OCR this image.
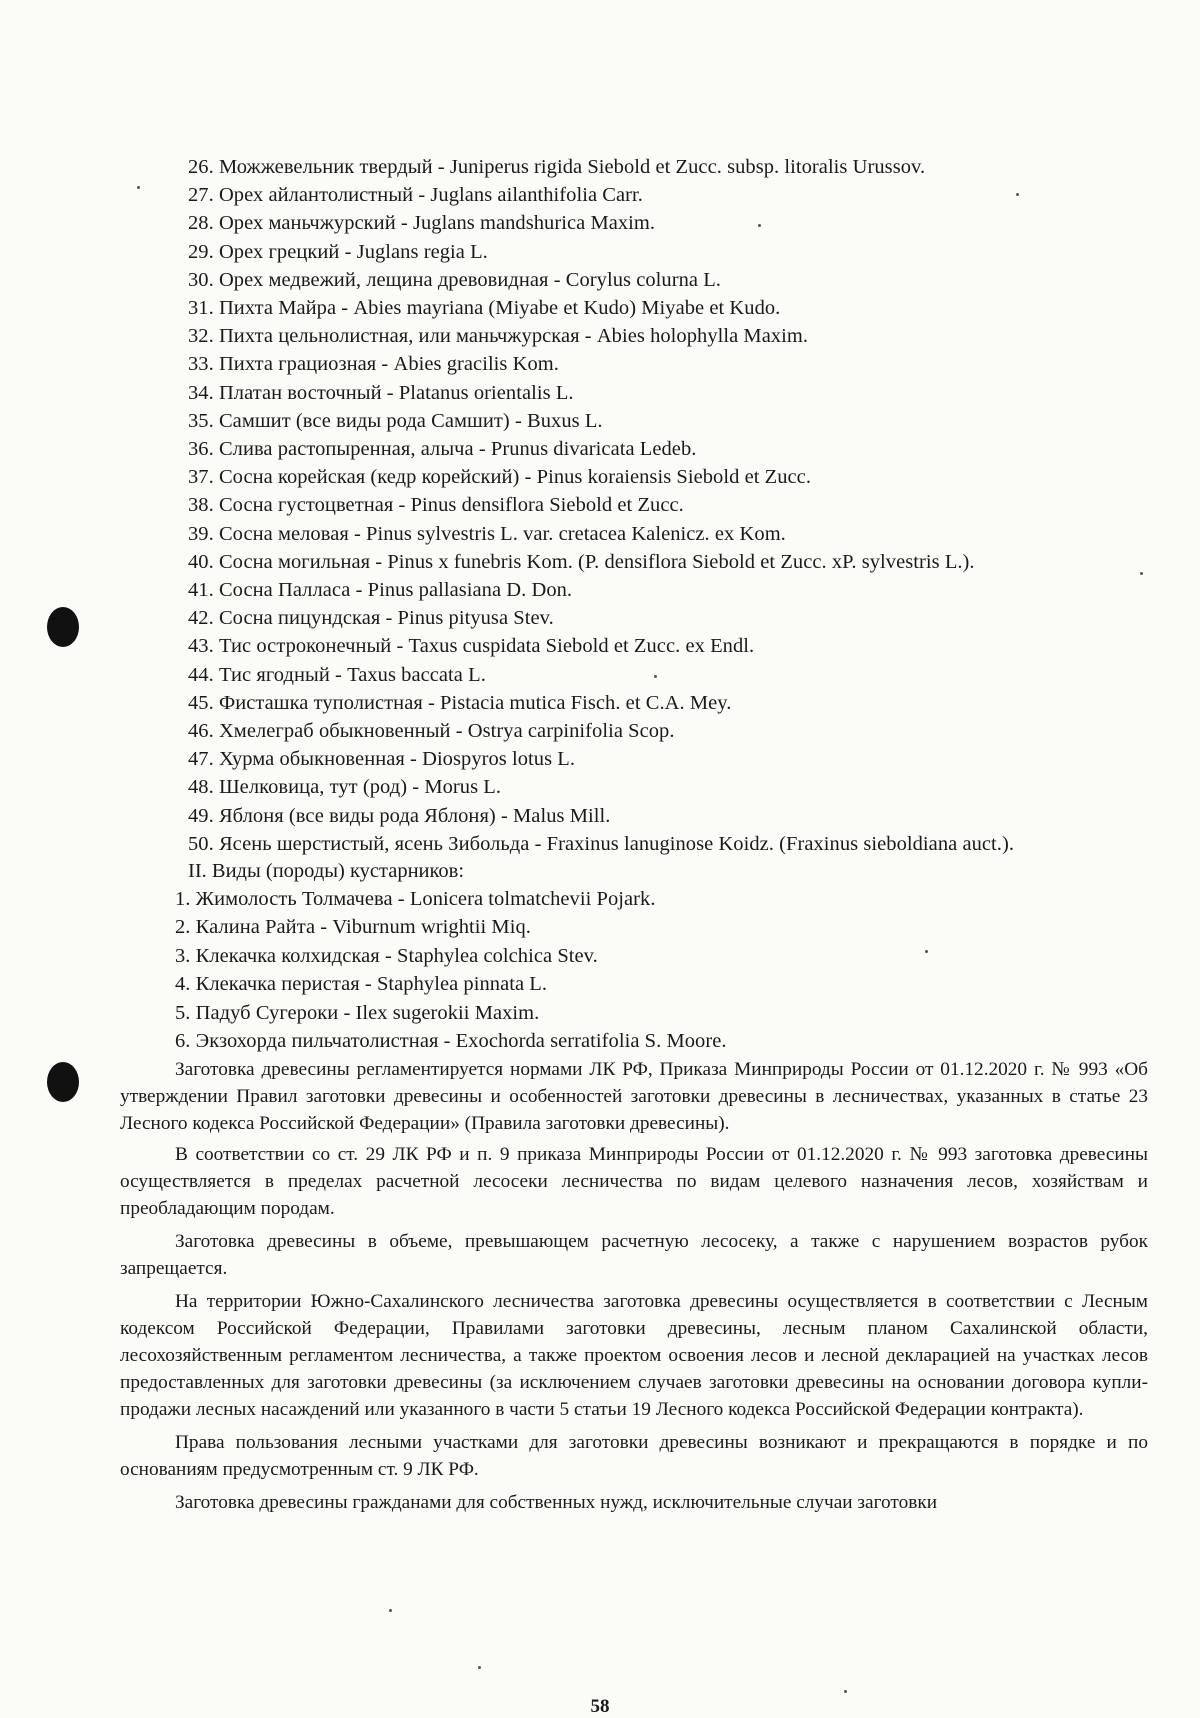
26. Можжевельник твердый - Juniperus rigida Siebold et Zucc. subsp. litoralis Urussov.
27. Орех айлантолистный - Juglans ailanthifolia Carr.
28. Орех маньчжурский - Juglans mandshurica Maxim.
29. Орех грецкий - Juglans regia L.
30. Орех медвежий, лещина древовидная - Corylus colurna L.
31. Пихта Майра - Abies mayriana (Miyabe et Kudo) Miyabe et Kudo.
32. Пихта цельнолистная, или маньчжурская - Abies holophylla Maxim.
33. Пихта грациозная - Abies gracilis Kom.
34. Платан восточный - Platanus orientalis L.
35. Самшит (все виды рода Самшит) - Buxus L.
36. Слива растопыренная, алыча - Prunus divaricata Ledeb.
37. Сосна корейская (кедр корейский) - Pinus koraiensis Siebold et Zucc.
38. Сосна густоцветная - Pinus densiflora Siebold et Zucc.
39. Сосна меловая - Pinus sylvestris L. var. cretacea Kalenicz. ex Kom.
40. Сосна могильная - Pinus x funebris Kom. (P. densiflora Siebold et Zucc. xP. sylvestris L.).
41. Сосна Палласа - Pinus pallasiana D. Don.
42. Сосна пицундская - Pinus pityusa Stev.
43. Тис остроконечный - Taxus cuspidata Siebold et Zucc. ex Endl.
44. Тис ягодный - Taxus baccata L.
45. Фисташка туполистная - Pistacia mutica Fisch. et C.A. Mey.
46. Хмелеграб обыкновенный - Ostrya carpinifolia Scop.
47. Хурма обыкновенная - Diospyros lotus L.
48. Шелковица, тут (род) - Morus L.
49. Яблоня (все виды рода Яблоня) - Malus Mill.
50. Ясень шерстистый, ясень Зибольда - Fraxinus lanuginose Koidz. (Fraxinus sieboldiana auct.).
II. Виды (породы) кустарников:
1. Жимолость Толмачева - Lonicera tolmatchevii Pojark.
2. Калина Райта - Viburnum wrightii Miq.
3. Клекачка колхидская - Staphylea colchica Stev.
4. Клекачка перистая - Staphylea pinnata L.
5. Падуб Сугероки - Ilex sugerokii Maxim.
6. Экзохорда пильчатолистная - Exochorda serratifolia S. Moore.

Заготовка древесины регламентируется нормами ЛК РФ, Приказа Минприроды России от 01.12.2020 г. № 993 «Об утверждении Правил заготовки древесины и особенностей заготовки древесины в лесничествах, указанных в статье 23 Лесного кодекса Российской Федерации» (Правила заготовки древесины).

В соответствии со ст. 29 ЛК РФ и п. 9 приказа Минприроды России от 01.12.2020 г. № 993 заготовка древесины осуществляется в пределах расчетной лесосеки лесничества по видам целевого назначения лесов, хозяйствам и преобладающим породам.

Заготовка древесины в объеме, превышающем расчетную лесосеку, а также с нарушением возрастов рубок запрещается.

На территории Южно-Сахалинского лесничества заготовка древесины осуществляется в соответствии с Лесным кодексом Российской Федерации, Правилами заготовки древесины, лесным планом Сахалинской области, лесохозяйственным регламентом лесничества, а также проектом освоения лесов и лесной декларацией на участках лесов предоставленных для заготовки древесины (за исключением случаев заготовки древесины на основании договора купли-продажи лесных насаждений или указанного в части 5 статьи 19 Лесного кодекса Российской Федерации контракта).

Права пользования лесными участками для заготовки древесины возникают и прекращаются в порядке и по основаниям предусмотренным ст. 9 ЛК РФ.

Заготовка древесины гражданами для собственных нужд, исключительные случаи заготовки

58
